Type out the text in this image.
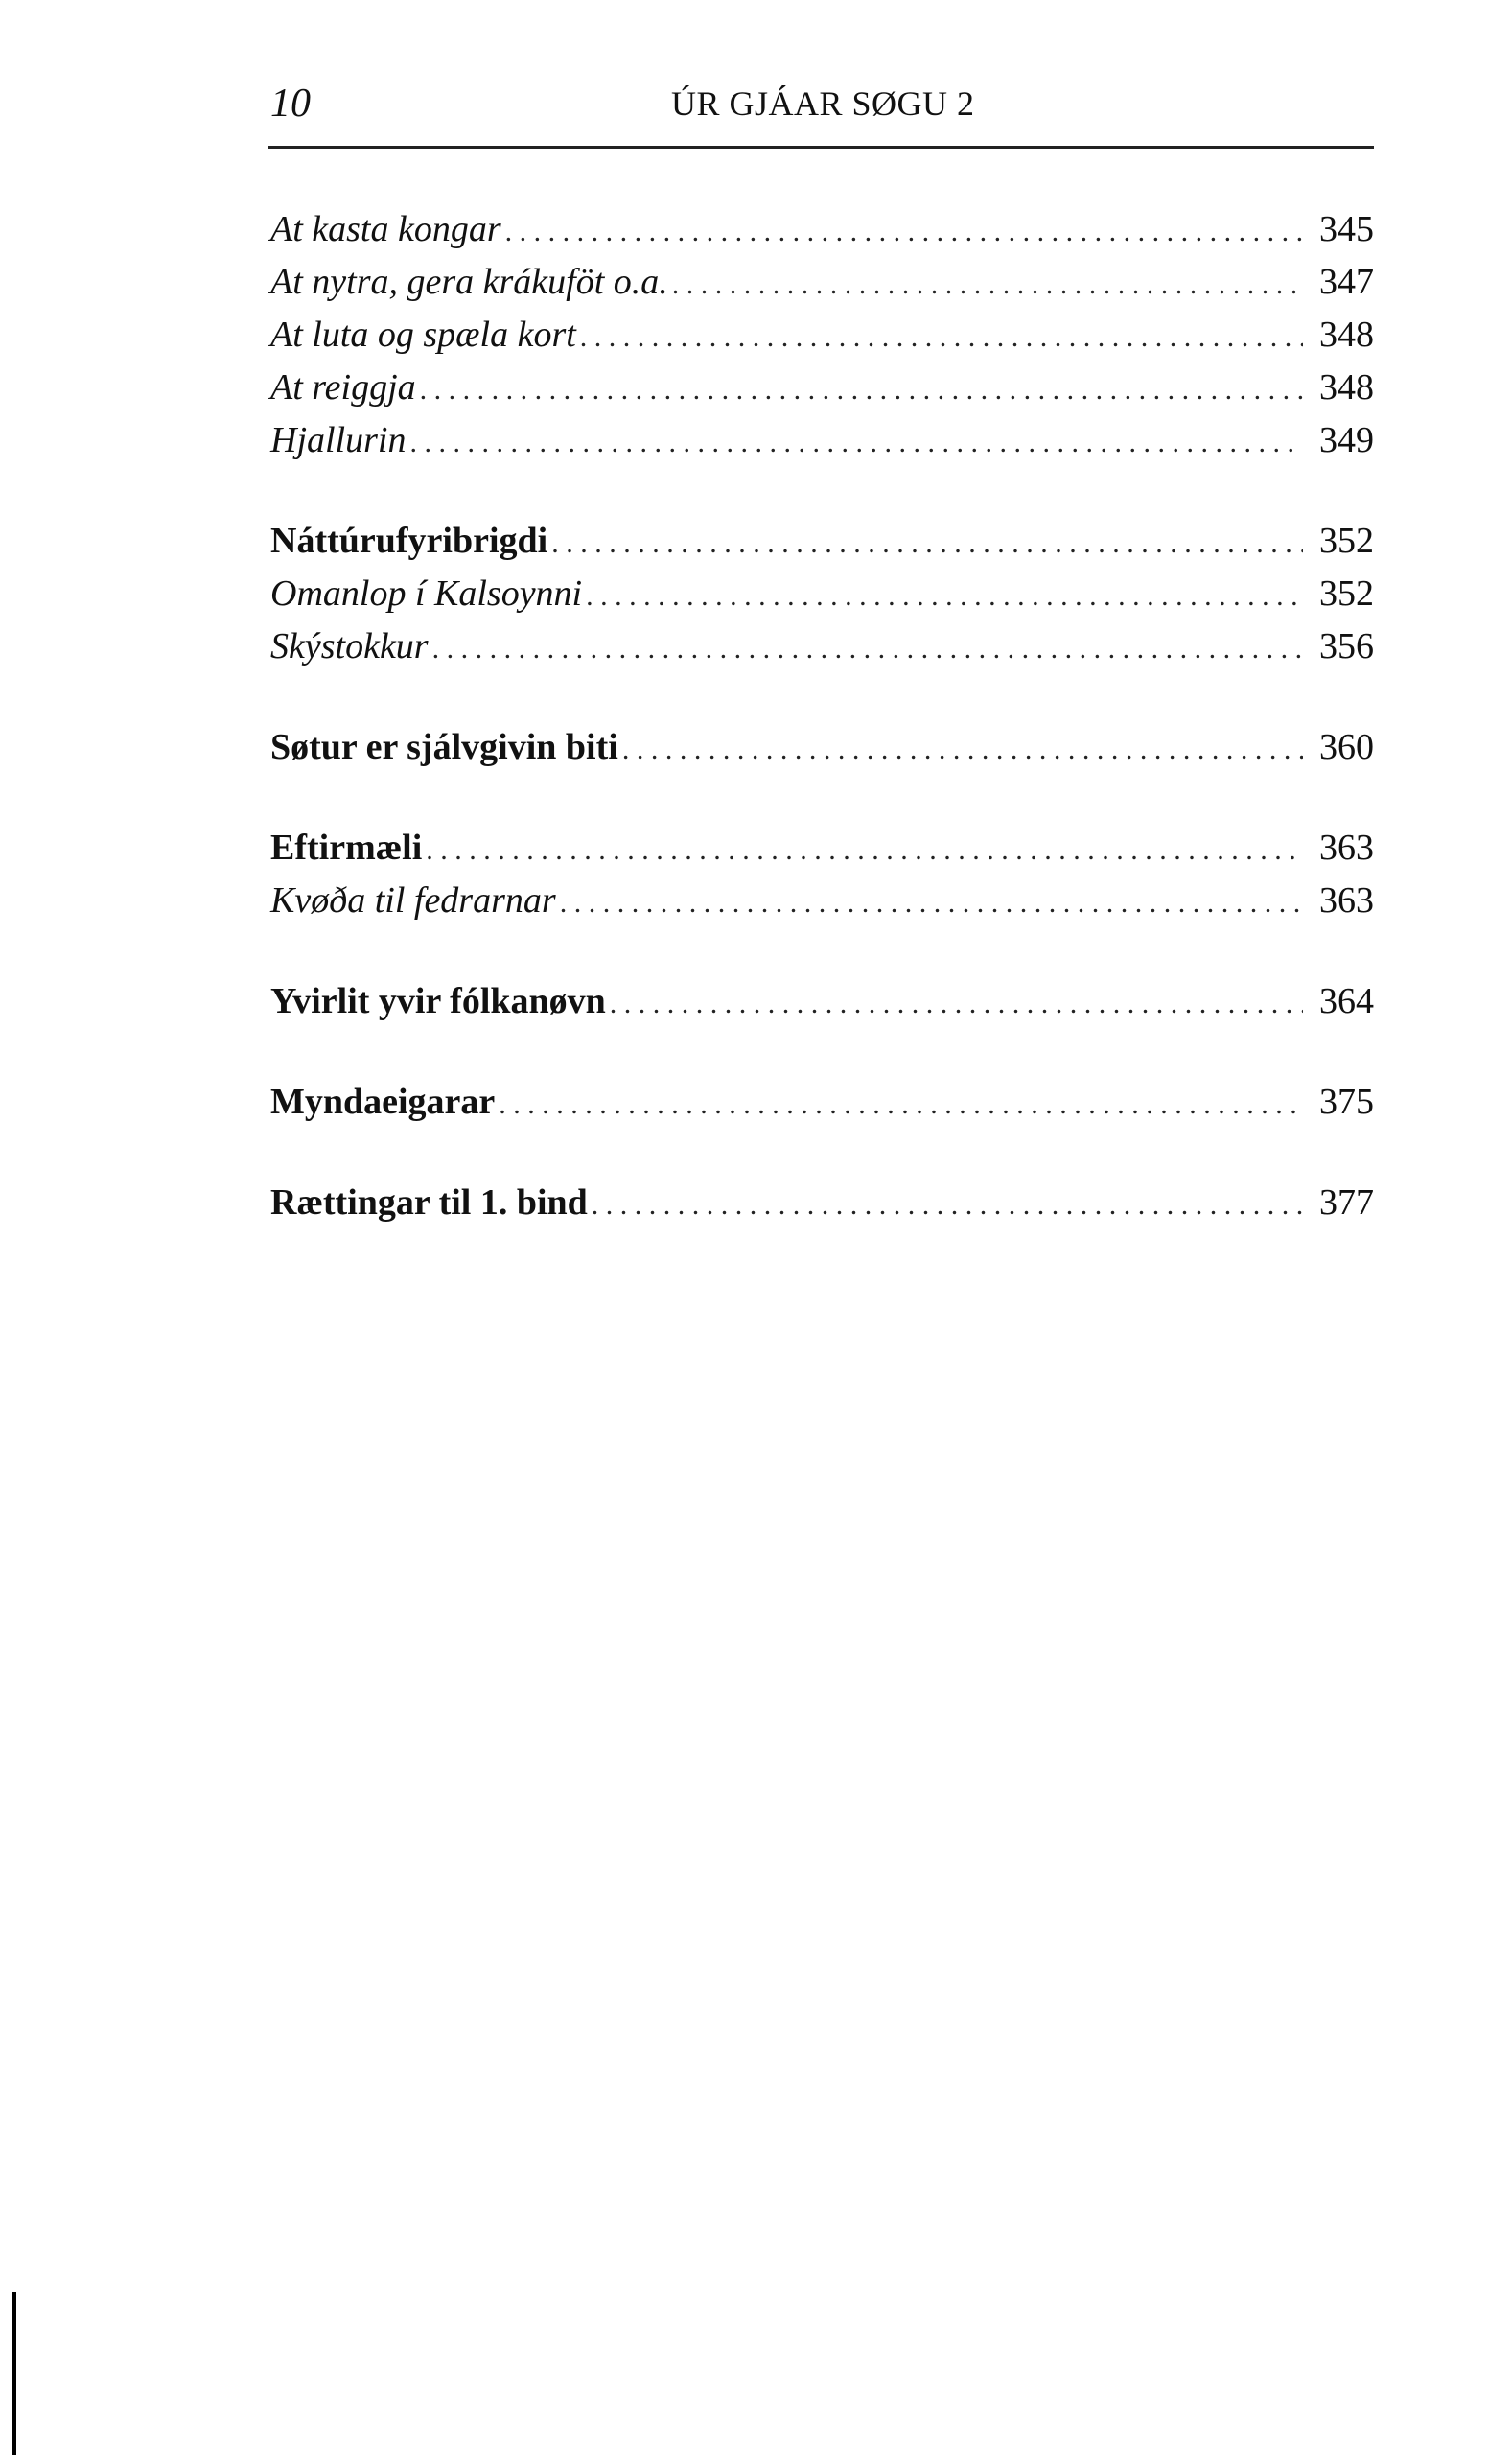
10	ÚR GJÁAR SØGU 2
At kasta kongar . . .	345
At nytra, gera krákuföt o.a. . . .	347
At luta og spæla kort . . .	348
At reiggja . . .	348
Hjallurin . . .	349
Náttúrufyribrigdi . . .	352
Omanlop í Kalsoynni . . .	352
Skýstokkur . . .	356
Søtur er sjálvgivin biti . . .	360
Eftirmæli . . .	363
Kvøða til fedrarnar . . .	363
Yvirlit yvir fólkanøvn . . .	364
Myndaeigarar . . .	375
Rættingar til 1. bind . . .	377
